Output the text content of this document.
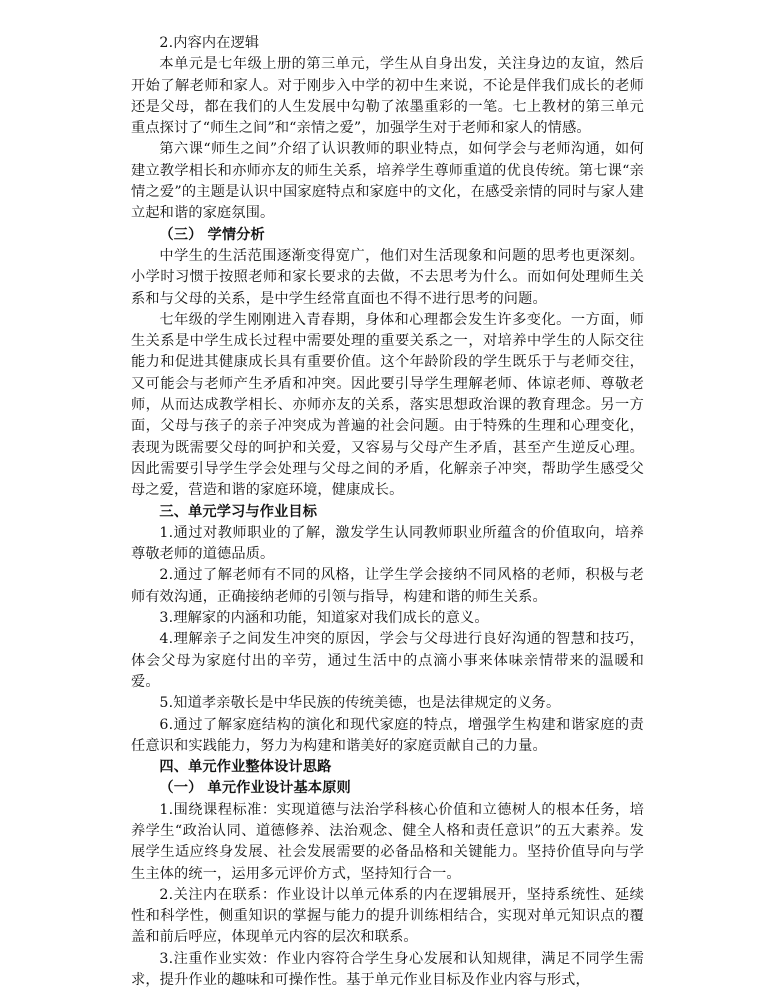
2.内容内在逻辑

本单元是七年级上册的第三单元，学生从自身出发，关注身边的友谊，然后开始了解老师和家人。对于刚步入中学的初中生来说，不论是伴我们成长的老师还是父母，都在我们的人生发展中勾勒了浓墨重彩的一笔。七上教材的第三单元重点探讨了“师生之间”和“亲情之爱”，加强学生对于老师和家人的情感。

第六课“师生之间”介绍了认识教师的职业特点，如何学会与老师沟通，如何建立教学相长和亦师亦友的师生关系，培养学生尊师重道的优良传统。第七课“亲情之爱”的主题是认识中国家庭特点和家庭中的文化，在感受亲情的同时与家人建立起和谐的家庭氛围。

（三） 学情分析

中学生的生活范围逐渐变得宽广，他们对生活现象和问题的思考也更深刻。小学时习惯于按照老师和家长要求的去做，不去思考为什么。而如何处理师生关系和与父母的关系，是中学生经常直面也不得不进行思考的问题。

七年级的学生刚刚进入青春期，身体和心理都会发生许多变化。一方面，师生关系是中学生成长过程中需要处理的重要关系之一，对培养中学生的人际交往能力和促进其健康成长具有重要价值。这个年龄阶段的学生既乐于与老师交往，又可能会与老师产生矛盾和冲突。因此要引导学生理解老师、体谅老师、尊敬老师，从而达成教学相长、亦师亦友的关系，落实思想政治课的教育理念。另一方面，父母与孩子的亲子冲突成为普遍的社会问题。由于特殊的生理和心理变化，表现为既需要父母的呵护和关爱，又容易与父母产生矛盾，甚至产生逆反心理。因此需要引导学生学会处理与父母之间的矛盾，化解亲子冲突，帮助学生感受父母之爱，营造和谐的家庭环境，健康成长。

三、单元学习与作业目标

1.通过对教师职业的了解，激发学生认同教师职业所蕴含的价值取向，培养尊敬老师的道德品质。

2.通过了解老师有不同的风格，让学生学会接纳不同风格的老师，积极与老师有效沟通，正确接纳老师的引领与指导，构建和谐的师生关系。

3.理解家的内涵和功能，知道家对我们成长的意义。

4.理解亲子之间发生冲突的原因，学会与父母进行良好沟通的智慧和技巧，体会父母为家庭付出的辛劳，通过生活中的点滴小事来体味亲情带来的温暖和爱。

5.知道孝亲敬长是中华民族的传统美德，也是法律规定的义务。

6.通过了解家庭结构的演化和现代家庭的特点，增强学生构建和谐家庭的责任意识和实践能力，努力为构建和谐美好的家庭贡献自己的力量。

四、单元作业整体设计思路

（一） 单元作业设计基本原则

1.围绕课程标准：实现道德与法治学科核心价值和立德树人的根本任务，培养学生“政治认同、道德修养、法治观念、健全人格和责任意识”的五大素养。发展学生适应终身发展、社会发展需要的必备品格和关键能力。坚持价值导向与学生主体的统一，运用多元评价方式，坚持知行合一。

2.关注内在联系：作业设计以单元体系的内在逻辑展开，坚持系统性、延续性和科学性，侧重知识的掌握与能力的提升训练相结合，实现对单元知识点的覆盖和前后呼应，体现单元内容的层次和联系。

3.注重作业实效：作业内容符合学生身心发展和认知规律，满足不同学生需求，提升作业的趣味和可操作性。基于单元作业目标及作业内容与形式，
